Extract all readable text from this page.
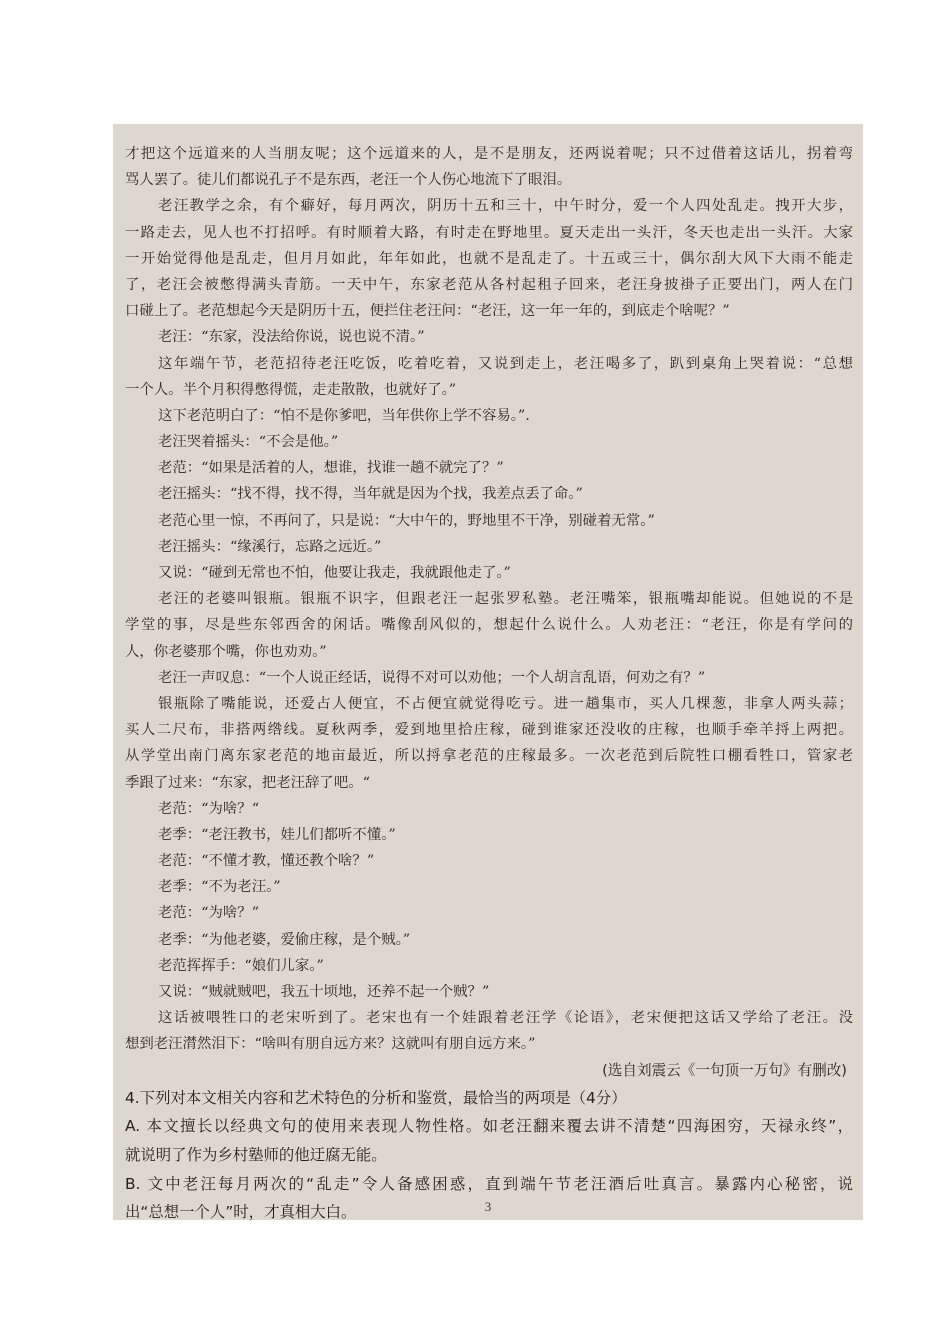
才把这个远道来的人当朋友呢；这个远道来的人，是不是朋友，还两说着呢；只不过借着这话儿，拐着弯
骂人罢了。徒儿们都说孔子不是东西，老汪一个人伤心地流下了眼泪。
老汪教学之余，有个癖好，每月两次，阴历十五和三十，中午时分，爱一个人四处乱走。拽开大步，
一路走去，见人也不打招呼。有时顺着大路，有时走在野地里。夏天走出一头汗，冬天也走出一头汗。大家
一开始觉得他是乱走，但月月如此，年年如此，也就不是乱走了。十五或三十，偶尔刮大风下大雨不能走
了，老汪会被憋得满头青筋。一天中午，东家老范从各村起租子回来，老汪身披褂子正要出门，两人在门
口碰上了。老范想起今天是阴历十五，便拦住老汪问：“老汪，这一年一年的，到底走个啥呢？”
老汪：“东家，没法给你说，说也说不清。”
这年端午节，老范招待老汪吃饭，吃着吃着，又说到走上，老汪喝多了，趴到桌角上哭着说：“总想
一个人。半个月积得憋得慌，走走散散，也就好了。”
这下老范明白了：“怕不是你爹吧，当年供你上学不容易。”.
老汪哭着摇头：“不会是他。”
老范：“如果是活着的人，想谁，找谁一趟不就完了？”
老汪摇头：“找不得，找不得，当年就是因为个找，我差点丢了命。”
老范心里一惊，不再问了，只是说：“大中午的，野地里不干净，别碰着无常。”
老汪摇头：“缘溪行，忘路之远近。”
又说：“碰到无常也不怕，他要让我走，我就跟他走了。”
老汪的老婆叫银瓶。银瓶不识字，但跟老汪一起张罗私塾。老汪嘴笨，银瓶嘴却能说。但她说的不是
学堂的事，尽是些东邻西舍的闲话。嘴像刮风似的，想起什么说什么。人劝老汪：“老汪，你是有学问的
人，你老婆那个嘴，你也劝劝。”
老汪一声叹息：“一个人说正经话，说得不对可以劝他；一个人胡言乱语，何劝之有？”
银瓶除了嘴能说，还爱占人便宜，不占便宜就觉得吃亏。进一趟集市，买人几棵葱，非拿人两头蒜；
买人二尺布，非搭两绺线。夏秋两季，爱到地里拾庄稼，碰到谁家还没收的庄稼，也顺手牵羊捋上两把。
从学堂出南门离东家老范的地亩最近，所以捋拿老范的庄稼最多。一次老范到后院牲口棚看牲口，管家老
季跟了过来：“东家，把老汪辞了吧。“
老范：“为啥？“
老季：“老汪教书，娃儿们都听不懂。”
老范：“不懂才教，懂还教个啥？”
老季：“不为老汪。”
老范：“为啥？”
老季：“为他老婆，爱偷庄稼，是个贼。”
老范挥挥手：“娘们儿家。”
又说：“贼就贼吧，我五十顷地，还养不起一个贼？”
这话被喂牲口的老宋听到了。老宋也有一个娃跟着老汪学《论语》，老宋便把这话又学给了老汪。没
想到老汪潸然泪下：“啥叫有朋自远方来？这就叫有朋自远方来。”
(选自刘震云《一句顶一万句》有删改)
4.下列对本文相关内容和艺术特色的分析和鉴赏，最恰当的两项是（4分）
A. 本文擅长以经典文句的使用来表现人物性格。如老汪翻来覆去讲不清楚“四海困穷，天禄永终”，
就说明了作为乡村塾师的他迂腐无能。
B. 文中老汪每月两次的“乱走”令人备感困惑，直到端午节老汪酒后吐真言。暴露内心秘密，说
出“总想一个人”时，才真相大白。	3
